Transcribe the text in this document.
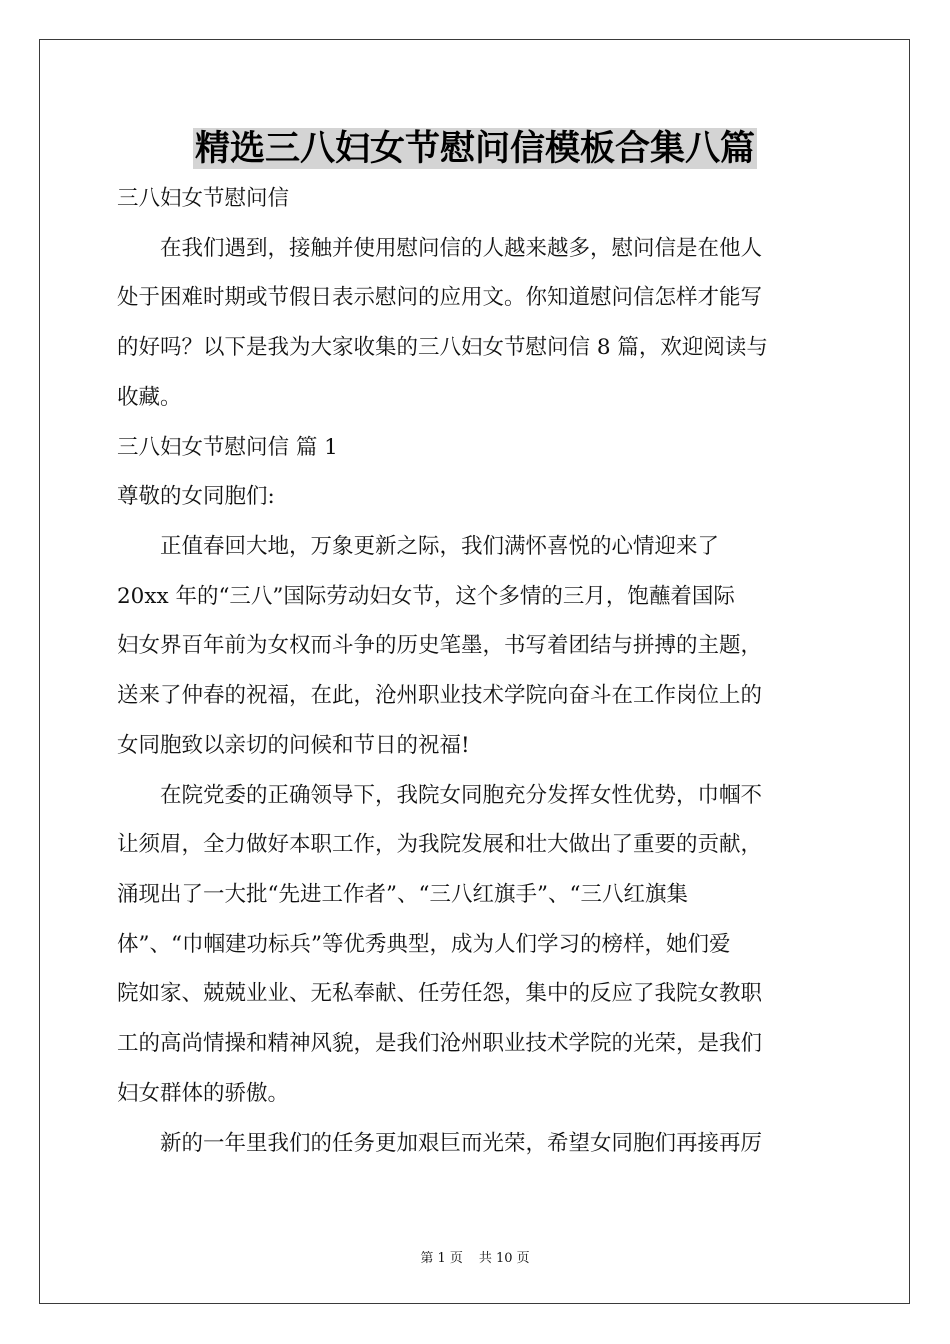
精选三八妇女节慰问信模板合集八篇

三八妇女节慰问信

　　在我们遇到，接触并使用慰问信的人越来越多，慰问信是在他人

处于困难时期或节假日表示慰问的应用文。你知道慰问信怎样才能写

的好吗？以下是我为大家收集的三八妇女节慰问信 8 篇，欢迎阅读与

收藏。

三八妇女节慰问信 篇 1

尊敬的女同胞们:

　　正值春回大地，万象更新之际，我们满怀喜悦的心情迎来了

20xx 年的“三八”国际劳动妇女节，这个多情的三月，饱蘸着国际

妇女界百年前为女权而斗争的历史笔墨，书写着团结与拼搏的主题，

送来了仲春的祝福，在此，沧州职业技术学院向奋斗在工作岗位上的

女同胞致以亲切的问候和节日的祝福!

　　在院党委的正确领导下，我院女同胞充分发挥女性优势，巾帼不

让须眉，全力做好本职工作，为我院发展和壮大做出了重要的贡献，

涌现出了一大批“先进工作者”、“三八红旗手”、“三八红旗集

体”、“巾帼建功标兵”等优秀典型，成为人们学习的榜样，她们爱

院如家、兢兢业业、无私奉献、任劳任怨，集中的反应了我院女教职

工的高尚情操和精神风貌，是我们沧州职业技术学院的光荣，是我们

妇女群体的骄傲。

　　新的一年里我们的任务更加艰巨而光荣，希望女同胞们再接再厉

第 1 页 共 10 页
